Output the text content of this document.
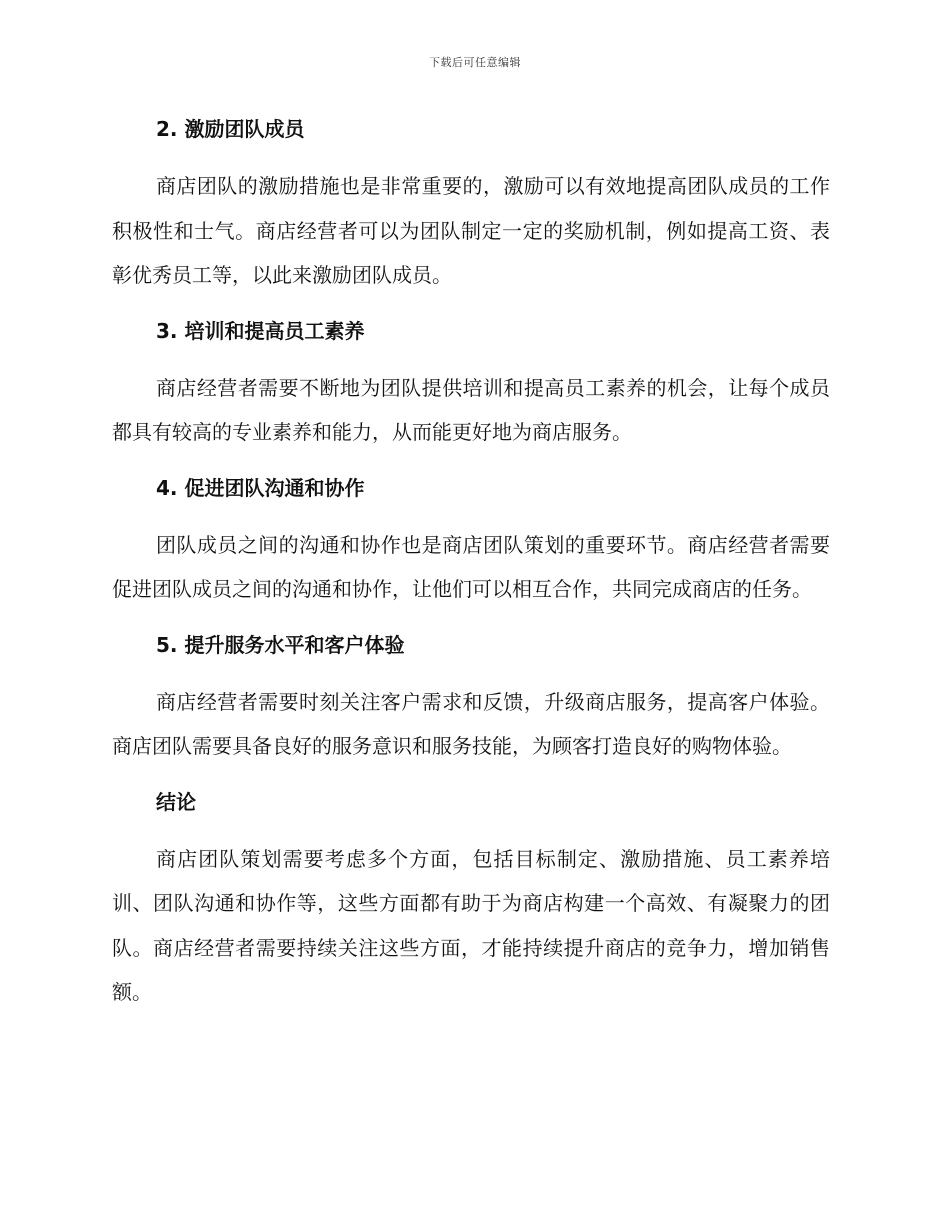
下载后可任意编辑
2. 激励团队成员

商店团队的激励措施也是非常重要的，激励可以有效地提高团队成员的工作积极性和士气。商店经营者可以为团队制定一定的奖励机制，例如提高工资、表彰优秀员工等，以此来激励团队成员。

3. 培训和提高员工素养

商店经营者需要不断地为团队提供培训和提高员工素养的机会，让每个成员都具有较高的专业素养和能力，从而能更好地为商店服务。

4. 促进团队沟通和协作

团队成员之间的沟通和协作也是商店团队策划的重要环节。商店经营者需要促进团队成员之间的沟通和协作，让他们可以相互合作，共同完成商店的任务。

5. 提升服务水平和客户体验

商店经营者需要时刻关注客户需求和反馈，升级商店服务，提高客户体验。商店团队需要具备良好的服务意识和服务技能，为顾客打造良好的购物体验。

结论

商店团队策划需要考虑多个方面，包括目标制定、激励措施、员工素养培训、团队沟通和协作等，这些方面都有助于为商店构建一个高效、有凝聚力的团队。商店经营者需要持续关注这些方面，才能持续提升商店的竞争力，增加销售额。
